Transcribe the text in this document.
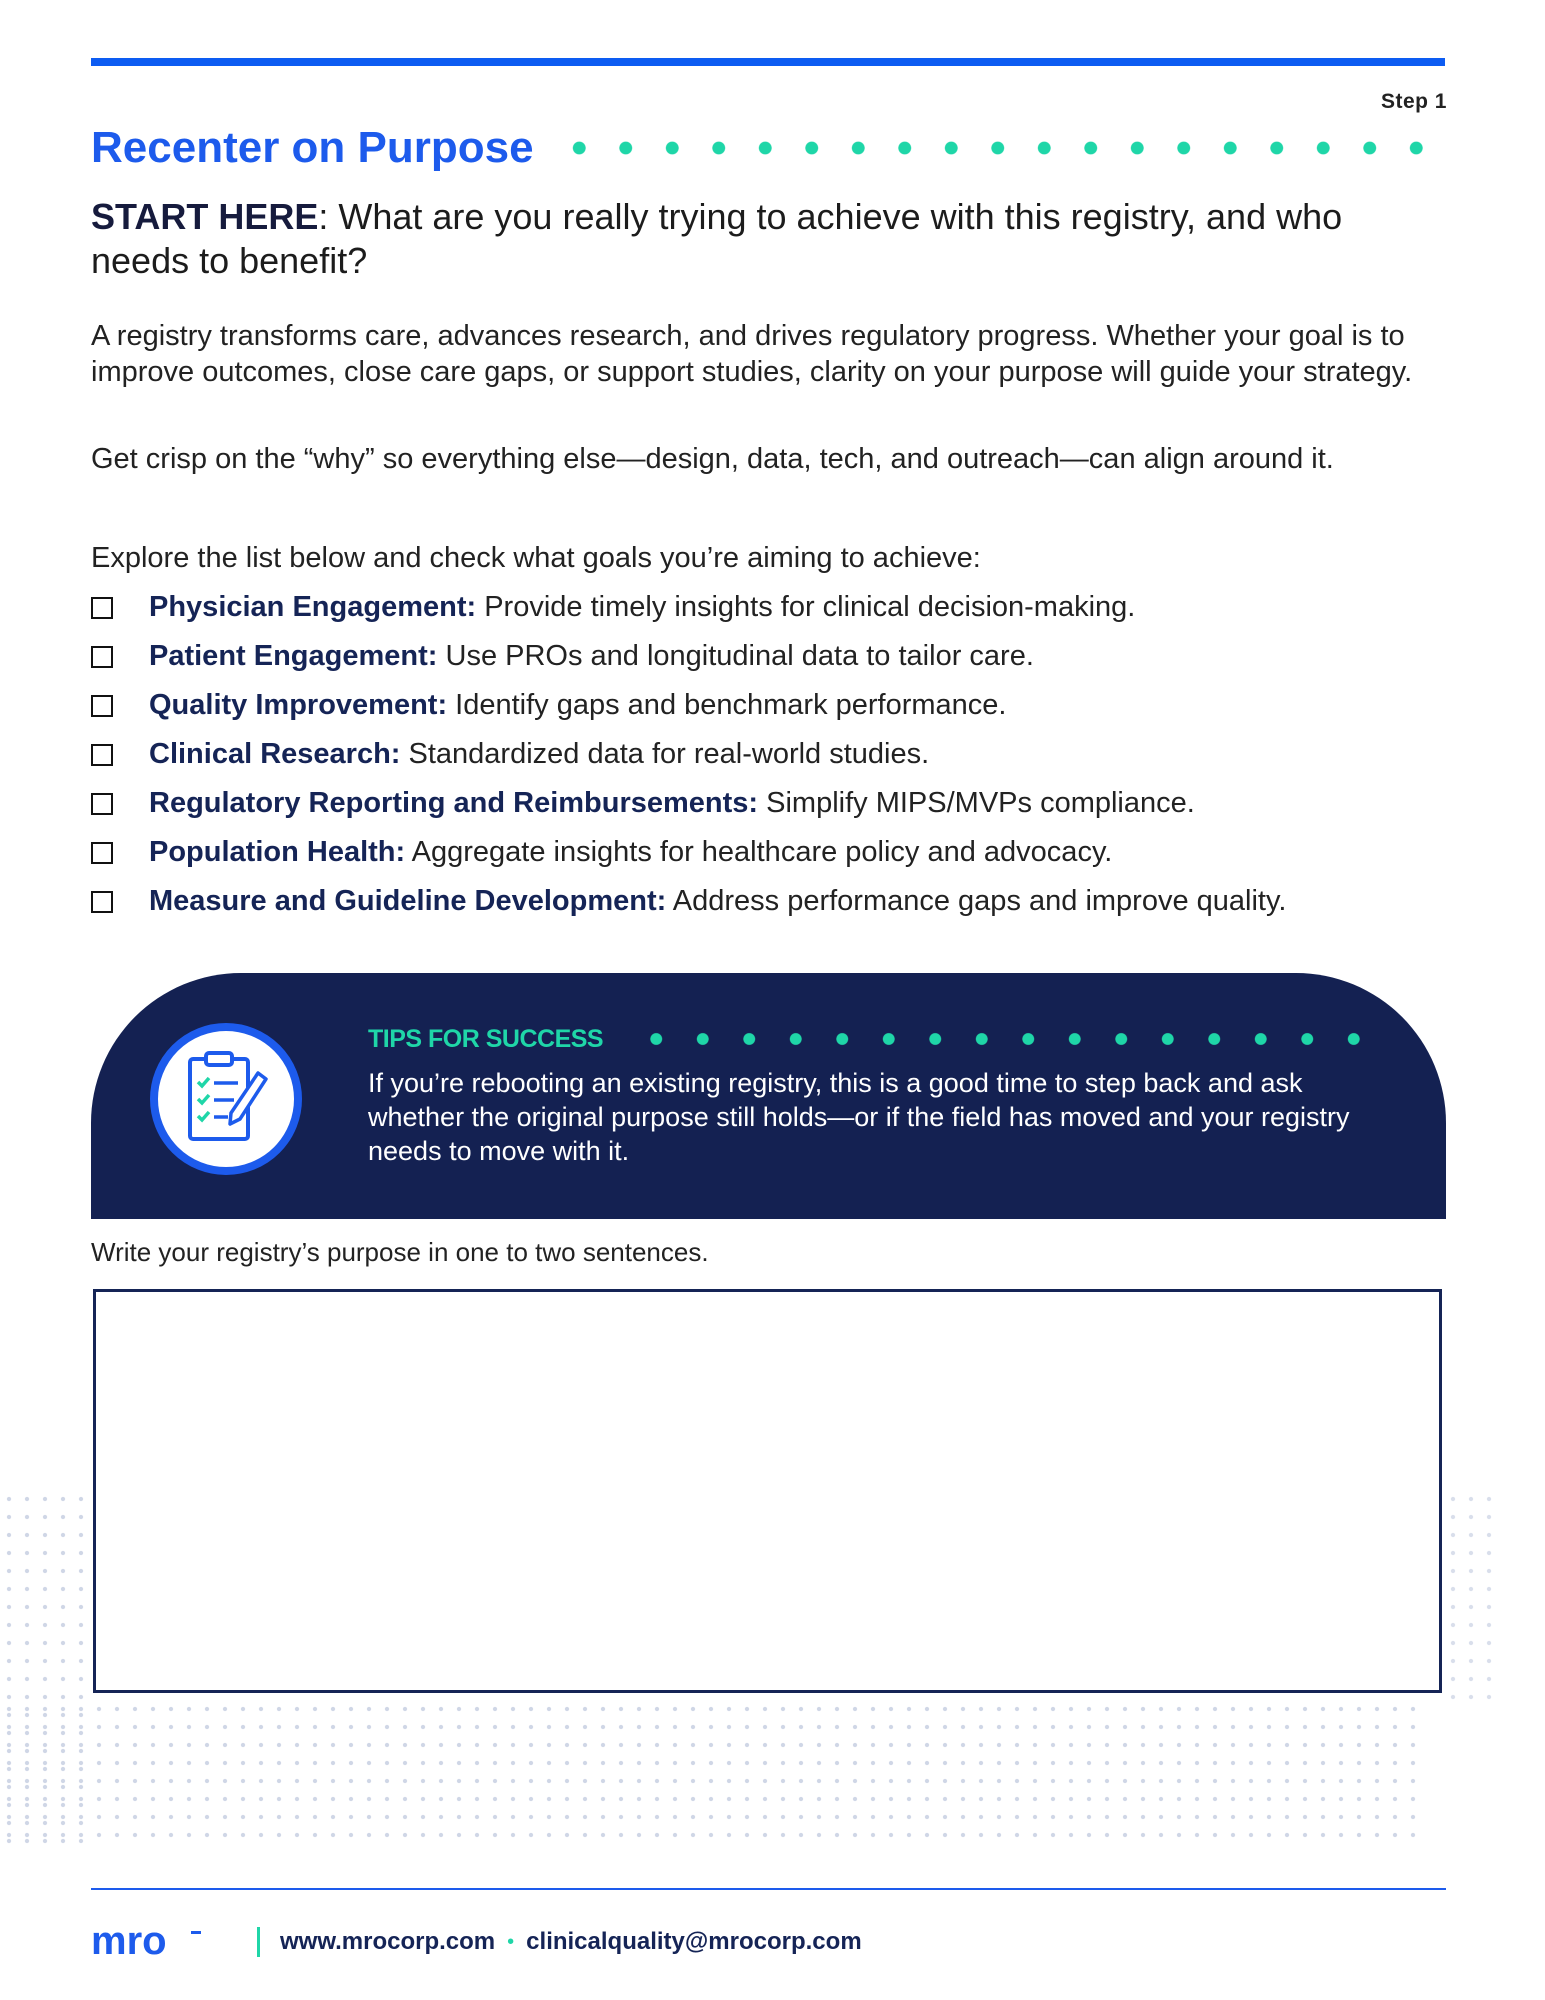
Step 1
Recenter on Purpose

START HERE: What are you really trying to achieve with this registry, and who needs to benefit?

A registry transforms care, advances research, and drives regulatory progress. Whether your goal is to improve outcomes, close care gaps, or support studies, clarity on your purpose will guide your strategy.

Get crisp on the “why” so everything else—design, data, tech, and outreach—can align around it.

Explore the list below and check what goals you’re aiming to achieve:

Physician Engagement: Provide timely insights for clinical decision-making.
Patient Engagement: Use PROs and longitudinal data to tailor care.
Quality Improvement: Identify gaps and benchmark performance.
Clinical Research: Standardized data for real-world studies.
Regulatory Reporting and Reimbursements: Simplify MIPS/MVPs compliance.
Population Health: Aggregate insights for healthcare policy and advocacy.
Measure and Guideline Development: Address performance gaps and improve quality.
TIPS FOR SUCCESS

If you’re rebooting an existing registry, this is a good time to step back and ask whether the original purpose still holds—or if the field has moved and your registry needs to move with it.

Write your registry’s purpose in one to two sentences.

mro	www.mrocorp.com • clinicalquality@mrocorp.com
